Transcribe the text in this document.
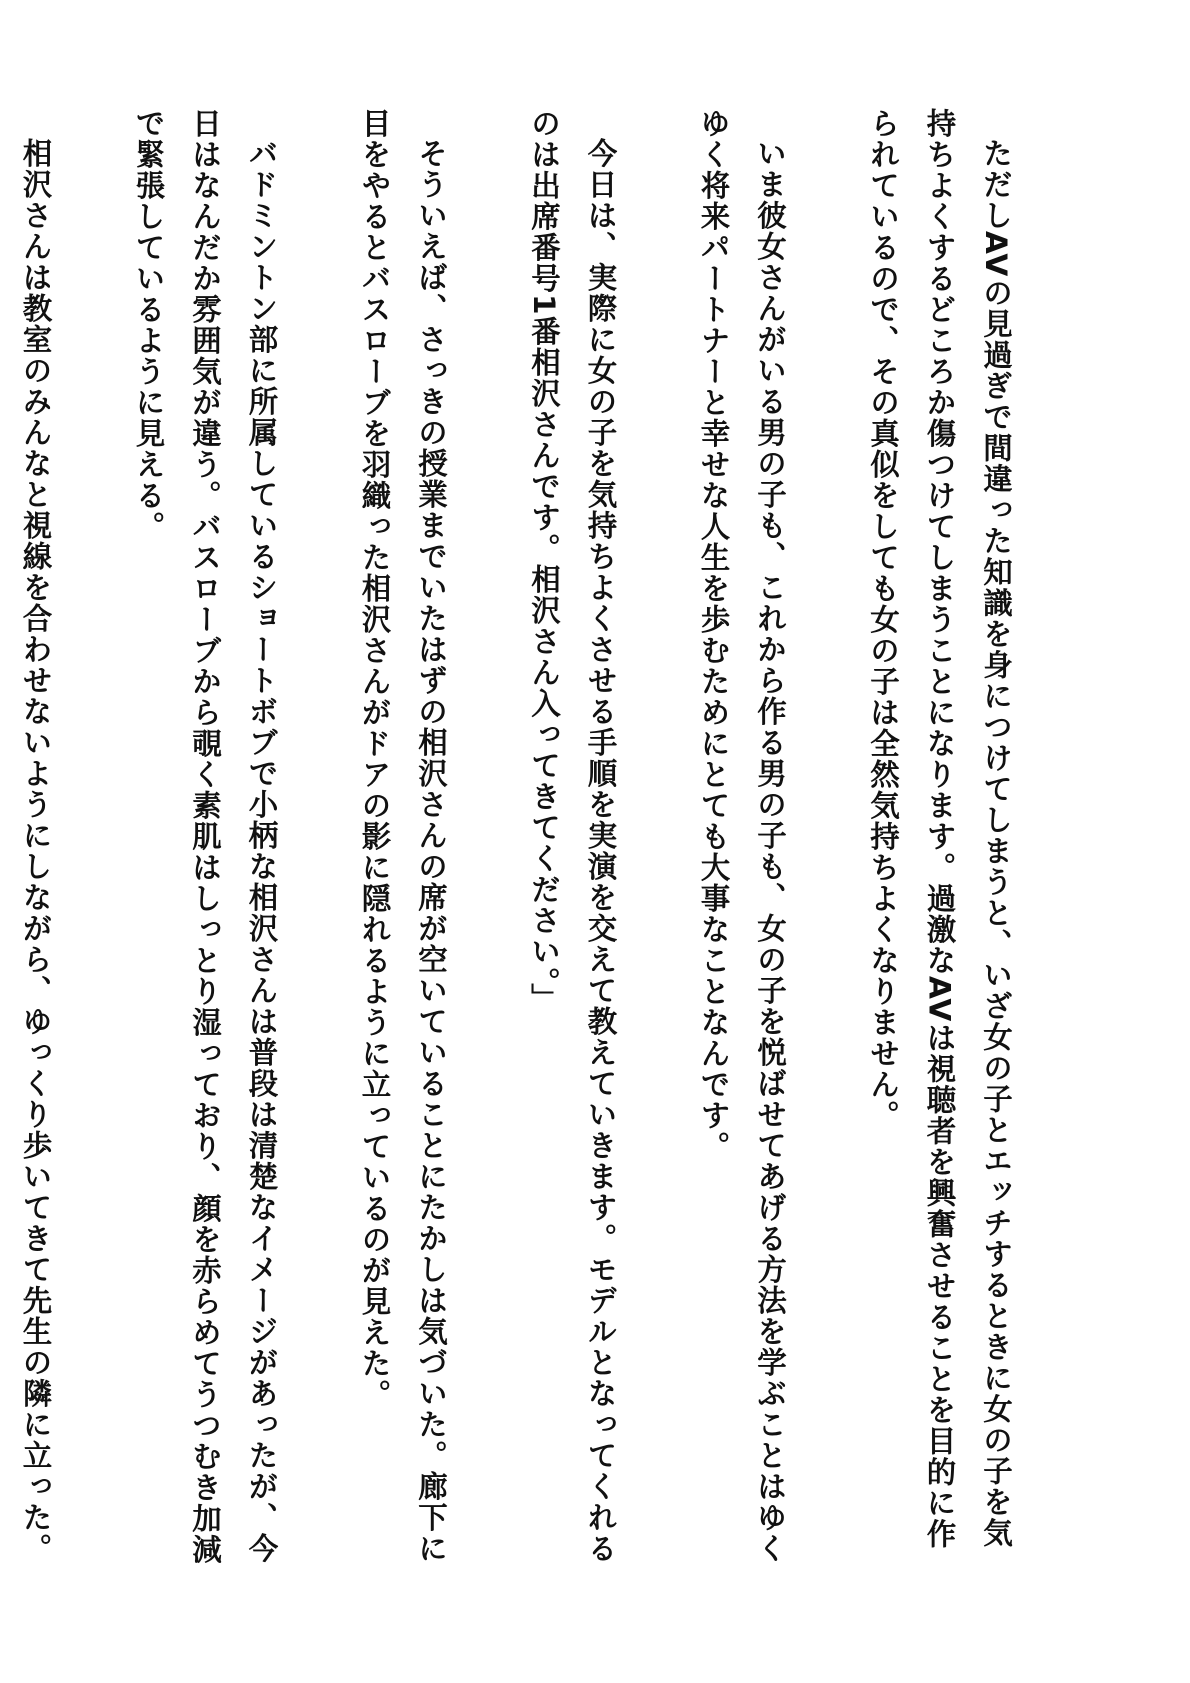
ただしAVの見過ぎで間違った知識を身につけてしまうと、いざ女の子とエッチするときに女の子を気持ちよくするどころか傷つけてしまうことになります。過激なAVは視聴者を興奮させることを目的に作られているので、その真似をしても女の子は全然気持ちよくなりません。

いま彼女さんがいる男の子も、これから作る男の子も、女の子を悦ばせてあげる方法を学ぶことはゆくゆく将来パートナーと幸せな人生を歩むためにとても大事なことなんです。

今日は、実際に女の子を気持ちよくさせる手順を実演を交えて教えていきます。モデルとなってくれるのは出席番号1番相沢さんです。相沢さん入ってきてください。」

そういえば、さっきの授業までいたはずの相沢さんの席が空いていることにたかしは気づいた。廊下に目をやるとバスローブを羽織った相沢さんがドアの影に隠れるように立っているのが見えた。

バドミントン部に所属しているショートボブで小柄な相沢さんは普段は清楚なイメージがあったが、今日はなんだか雰囲気が違う。バスローブから覗く素肌はしっとり湿っており、顔を赤らめてうつむき加減で緊張しているように見える。

相沢さんは教室のみんなと視線を合わせないようにしながら、ゆっくり歩いてきて先生の隣に立った。
